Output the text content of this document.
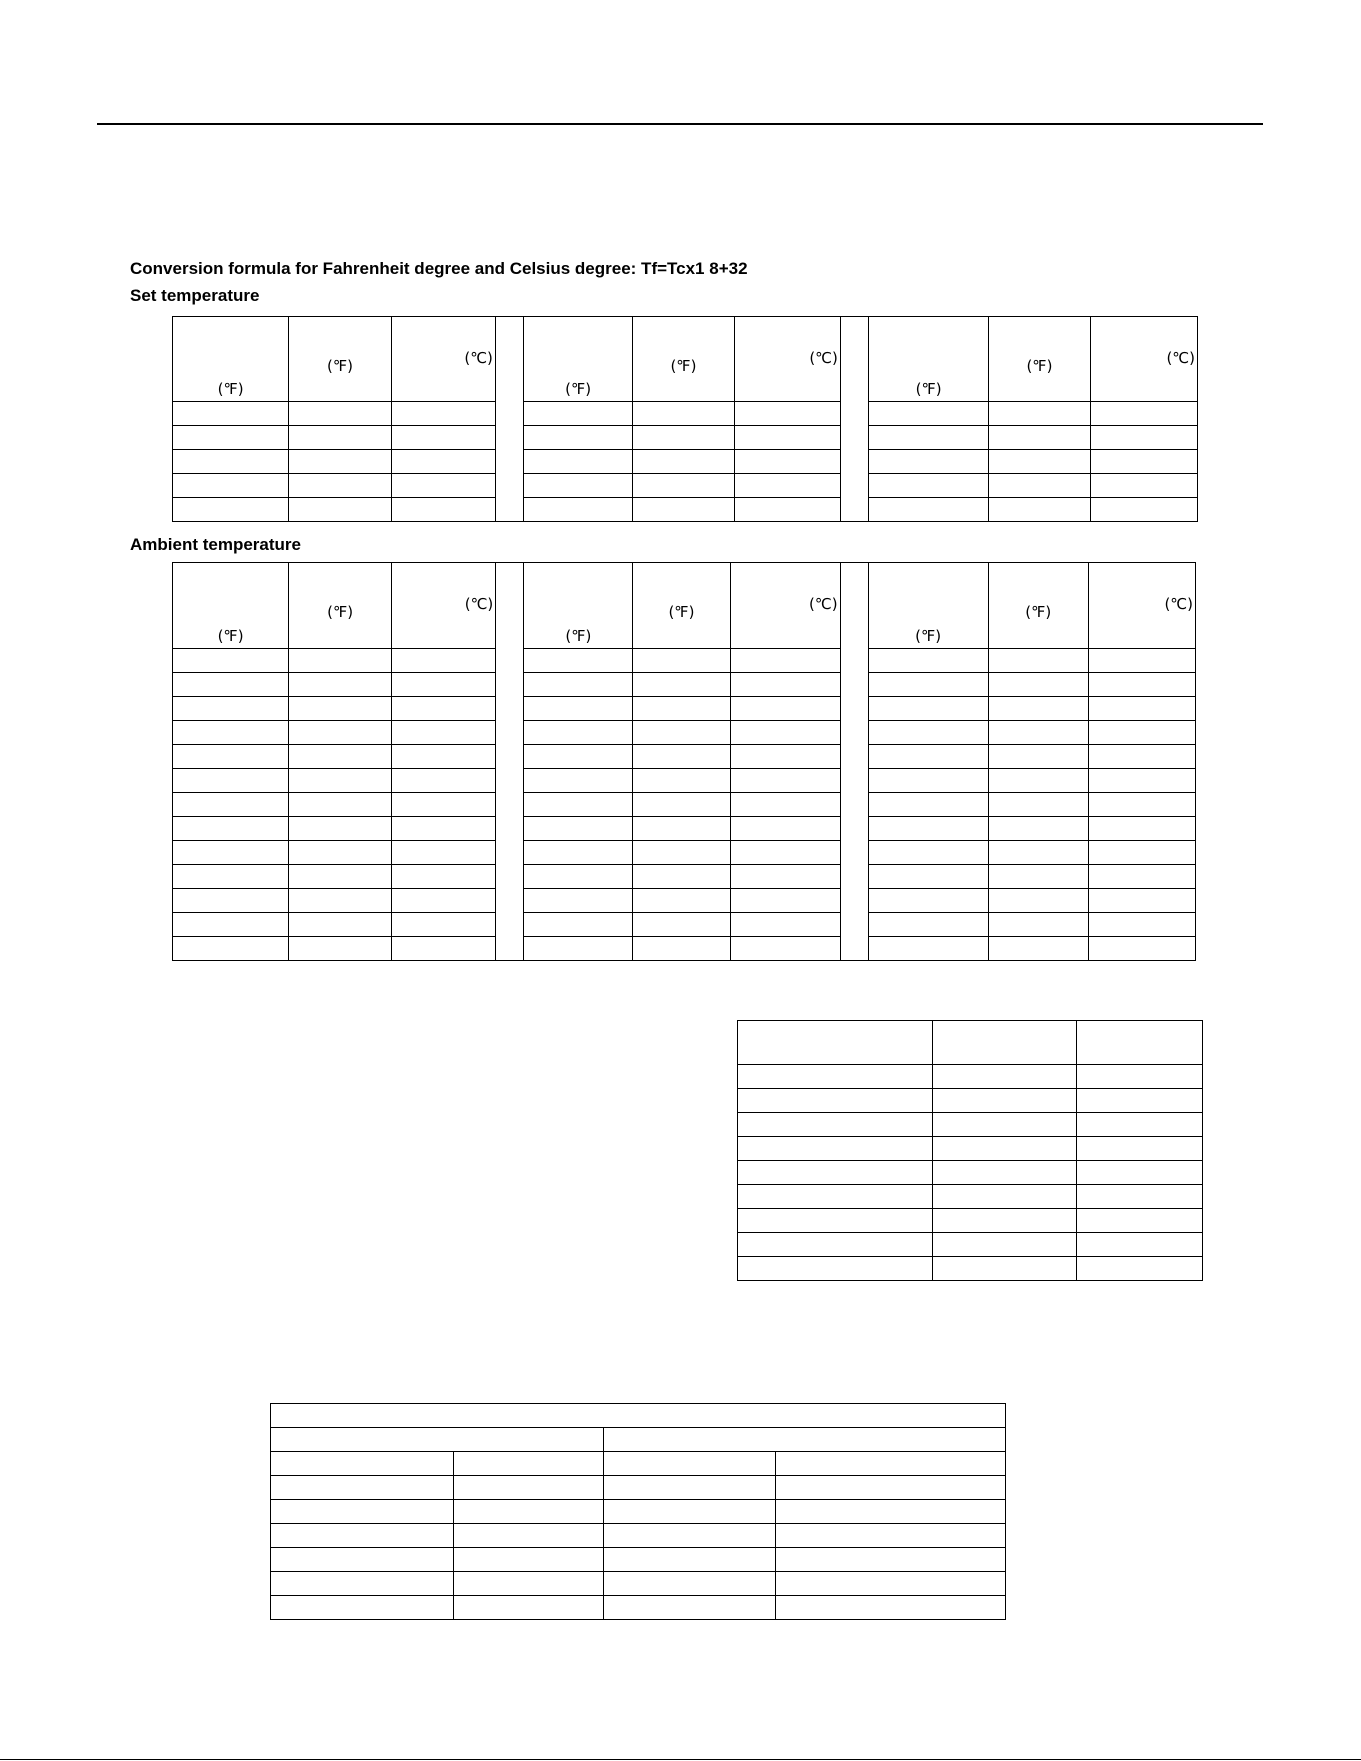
Conversion formula for Fahrenheit degree and Celsius degree: Tf=Tcx1 8+32
Set temperature
(℉)	(℉)	(℃)		(℉)	(℉)	(℃)		(℉)	(℉)	(℃)

Ambient temperature
(℉)	(℉)	(℃)		(℉)	(℉)	(℃)		(℉)	(℉)	(℃)
